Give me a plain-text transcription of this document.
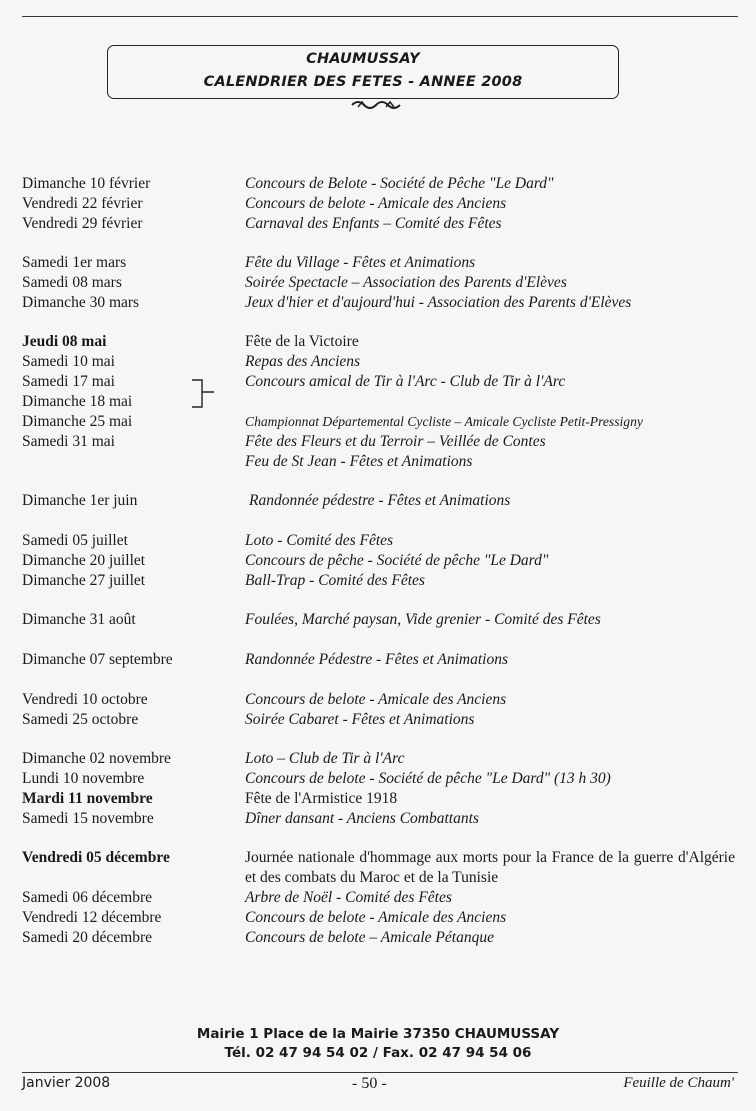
CHAUMUSSAY
CALENDRIER DES FETES - ANNEE 2008
Dimanche 10 février	Concours de Belote - Société de Pêche "Le Dard"
Vendredi 22 février	Concours de belote - Amicale des Anciens
Vendredi 29 février	Carnaval des Enfants – Comité des Fêtes
Samedi 1er mars	Fête du Village - Fêtes et Animations
Samedi 08 mars	Soirée Spectacle – Association des Parents d'Elèves
Dimanche 30 mars	Jeux d'hier et d'aujourd'hui - Association des Parents d'Elèves
Jeudi 08 mai	Fête de la Victoire
Samedi 10 mai	Repas des Anciens
Samedi 17 mai	Concours amical de Tir à l'Arc - Club de Tir à l'Arc
Dimanche 18 mai
Dimanche 25 mai	Championnat Départemental Cycliste – Amicale Cycliste Petit-Pressigny
Samedi 31 mai	Fête des Fleurs et du Terroir – Veillée de Contes
Feu de St Jean - Fêtes et Animations
Dimanche 1er juin	Randonnée pédestre - Fêtes et Animations
Samedi 05 juillet	Loto - Comité des Fêtes
Dimanche 20 juillet	Concours de pêche - Société de pêche "Le Dard"
Dimanche 27 juillet	Ball-Trap - Comité des Fêtes
Dimanche 31 août	Foulées, Marché paysan, Vide grenier - Comité des Fêtes
Dimanche 07 septembre	Randonnée Pédestre - Fêtes et Animations
Vendredi 10 octobre	Concours de belote - Amicale des Anciens
Samedi 25 octobre	Soirée Cabaret - Fêtes et Animations
Dimanche 02 novembre	Loto – Club de Tir à l'Arc
Lundi 10 novembre	Concours de belote - Société de pêche "Le Dard" (13 h 30)
Mardi 11 novembre	Fête de l'Armistice 1918
Samedi 15 novembre	Dîner dansant - Anciens Combattants
Vendredi 05 décembre	Journée nationale d'hommage aux morts pour la France de la guerre d'Algérie et des combats du Maroc et de la Tunisie
Samedi 06 décembre	Arbre de Noël - Comité des Fêtes
Vendredi 12 décembre	Concours de belote - Amicale des Anciens
Samedi 20 décembre	Concours de belote – Amicale Pétanque
Mairie 1 Place de la Mairie 37350 CHAUMUSSAY
Tél. 02 47 94 54 02 / Fax. 02 47 94 54 06
Janvier 2008	- 50 -	Feuille de Chaum'
